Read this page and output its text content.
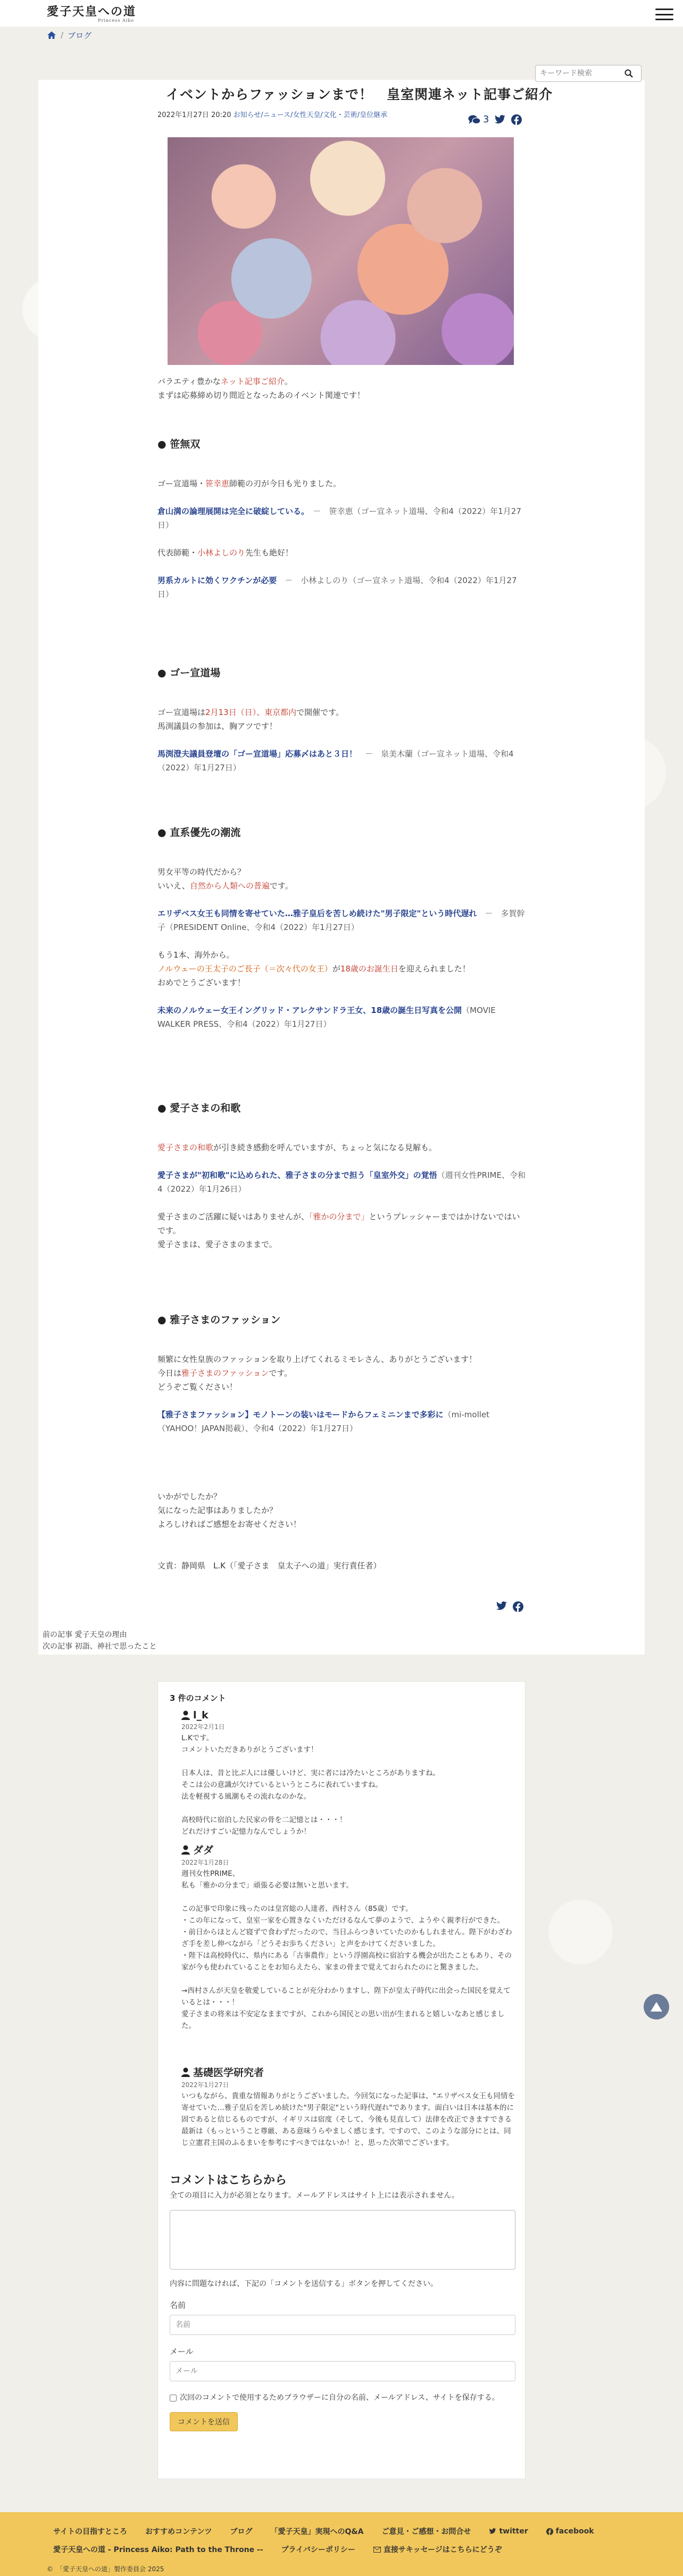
愛子天皇への道
Princess Aiko
/ ブログ
イベントからファッションまで！　皇室関連ネット記事ご紹介
キーワード検索
2022年1月27日 20:20 お知らせ/ニュース/女性天皇/文化・芸術/皇位継承	3
バラエティ豊かなネット記事ご紹介。
まずは応募締め切り間近となったあのイベント関連です！
● 笹無双

ゴー宣道場・笹幸恵師範の刃が今日も光りました。

倉山満の論理展開は完全に破綻している。　 －　笹幸恵（ゴー宣ネット道場、令和4（2022）年1月27日）

代表師範・小林よしのり先生も絶好！

男系カルトに効くワクチンが必要　 －　小林よしのり（ゴー宣ネット道場、令和4（2022）年1月27日）

● ゴー宣道場

ゴー宣道場は2月13日（日）、東京都内で開催です。
馬渕議員の参加は、胸アツです！

馬渕澄夫議員登壇の「ゴー宣道場」応募〆はあと３日！　 －　泉美木蘭（ゴー宣ネット道場、令和4（2022）年1月27日）

● 直系優先の潮流

男女平等の時代だから？
いいえ、自然から人類への普遍です。

エリザベス女王も同情を寄せていた…雅子皇后を苦しめ続けた"男子限定"という時代遅れ　 －　多賀幹子（PRESIDENT Online、令和4（2022）年1月27日）

もう1本、海外から。
ノルウェーの王太子のご長子（＝次々代の女王）が18歳のお誕生日を迎えられました！
おめでとうございます！

未来のノルウェー女王イングリッド・アレクサンドラ王女、18歳の誕生日写真を公開（MOVIE WALKER PRESS、令和4（2022）年1月27日）

● 愛子さまの和歌

愛子さまの和歌が引き続き感動を呼んでいますが、ちょっと気になる見解も。

愛子さまが"初和歌"に込められた、雅子さまの分まで担う「皇室外交」の覚悟（週刊女性PRIME、令和4（2022）年1月26日）

愛子さまのご活躍に疑いはありませんが、「雅かの分まで」というプレッシャーまではかけないではいです。
愛子さまは、愛子さまのままで。

● 雅子さまのファッション

頻繁に女性皇族のファッションを取り上げてくれるミモレさん、ありがとうございます！
今日は雅子さまのファッションです。
どうぞご覧ください！

【雅子さまファッション】モノトーンの装いはモードからフェミニンまで多彩に（mi-mollet（YAHOO！JAPAN掲載）、令和4（2022）年1月27日）

いかがでしたか？
気になった記事はありましたか？
よろしければご感想をお寄せください！

文責：静岡県　L.K（「愛子さま　皇太子への道」実行責任者）

前の記事 愛子天皇の理由
次の記事 初詣、神社で思ったこと
3 件のコメント
l_k
2022年2月1日
L.Kです。
コメントいただきありがとうございます！
日本人は、昔と比ぶ人には優しいけど、実に者には冷たいところがありますね。
そこは公の意識が欠けているというところに表れていますね。
法を軽視する風潮もその流れなのかな。
高校時代に宿泊した民家の骨を二記憶とは・・・！
どれだけすごい記憶力なんでしょうか！
ダダ
2022年1月28日
週刊女性PRIME、
私も「雅かの分まで」頑張る必要は無いと思います。
この記事で印象に残ったのは皇宮総の人達者、西村さん（85歳）です。
・この年になって、皇室一家を心置きなくいただけるなんて夢のようで、ようやく親孝行ができた。
・前日からほとんど寝ずで食わずだったので、当日ふらつきいていたのかもしれません。陛下がわざわざ手を差し伸べながら「どうそお歩ちください」と声をかけてくださいました。
・陛下は高校時代に、県内にある「古事農作」という浮園高校に宿泊する機会が出たこともあり、その家が今も使われていることをお知らえたら、家まの骨まで覚えておられたのにと驚きました。
→西村さんが天皇を敬愛していることが充分わかりますし、陛下が皇太子時代に出会った国民を覚えているとは・・・！
愛子さまの将来は不安定なままですが、これから国民との思い出が生まれると嬉しいなあと感じました。
基礎医学研究者
2022年1月27日
いつもながら、貴重な情報ありがとうございました。今回気になった記事は、"エリザベス女王も同情を寄せていた…雅子皇后を苦しめ続けた"男子限定"という時代遅れ"であります。面白いは日本は基本的に固であると信じるものですが、イギリスは宿度（そして、今後も見直して）法律を改正できますできる最新は（もっということ尊厳、ある意味うらやましく感じます。ですので、このような部分にとは、同じ立憲君主国のふるまいを参考にすべきではないか！と、思った次第でございます。
コメントはこちらから

全ての項目に入力が必須となります。メールアドレスはサイト上には表示されません。

内容に問題なければ、下記の「コメントを送信する」ボタンを押してください。

名前

名前

メール

メール
次回のコメントで使用するためブラウザーに自分の名前、メールアドレス、サイトを保存する。
コメントを送信
サイトの目指すところ おすすめコンテンツ ブログ 「愛子天皇」実現へのQ&A ご意見・ご感想・お問合せ	twitter	facebook
愛子天皇への道 - Princess Aiko: Path to the Throne -- プライバシーポリシー	直接サキッセージはこちらにどうぞ
©　「愛子天皇への道」製作委員会 2025
